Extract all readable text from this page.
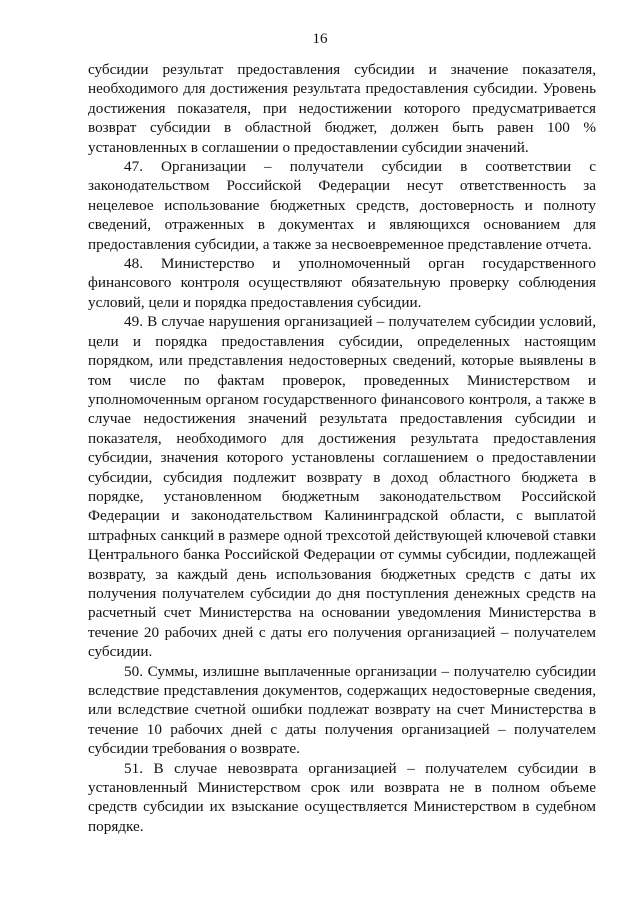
16

субсидии результат предоставления субсидии и значение показателя, необходимого для достижения результата предоставления субсидии. Уровень достижения показателя, при недостижении которого предусматривается возврат субсидии в областной бюджет, должен быть равен 100 % установленных в соглашении о предоставлении субсидии значений.

47. Организации – получатели субсидии в соответствии с законодательством Российской Федерации несут ответственность за нецелевое использование бюджетных средств, достоверность и полноту сведений, отраженных в документах и являющихся основанием для предоставления субсидии, а также за несвоевременное представление отчета.

48. Министерство и уполномоченный орган государственного финансового контроля осуществляют обязательную проверку соблюдения условий, цели и порядка предоставления субсидии.

49. В случае нарушения организацией – получателем субсидии условий, цели и порядка предоставления субсидии, определенных настоящим порядком, или представления недостоверных сведений, которые выявлены в том числе по фактам проверок, проведенных Министерством и уполномоченным органом государственного финансового контроля, а также в случае недостижения значений результата предоставления субсидии и показателя, необходимого для достижения результата предоставления субсидии, значения которого установлены соглашением о предоставлении субсидии, субсидия подлежит возврату в доход областного бюджета в порядке, установленном бюджетным законодательством Российской Федерации и законодательством Калининградской области, с выплатой штрафных санкций в размере одной трехсотой действующей ключевой ставки Центрального банка Российской Федерации от суммы субсидии, подлежащей возврату, за каждый день использования бюджетных средств с даты их получения получателем субсидии до дня поступления денежных средств на расчетный счет Министерства на основании уведомления Министерства в течение 20 рабочих дней с даты его получения организацией – получателем субсидии.

50. Суммы, излишне выплаченные организации – получателю субсидии вследствие представления документов, содержащих недостоверные сведения, или вследствие счетной ошибки подлежат возврату на счет Министерства в течение 10 рабочих дней с даты получения организацией – получателем субсидии требования о возврате.

51. В случае невозврата организацией – получателем субсидии в установленный Министерством срок или возврата не в полном объеме средств субсидии их взыскание осуществляется Министерством в судебном порядке.
